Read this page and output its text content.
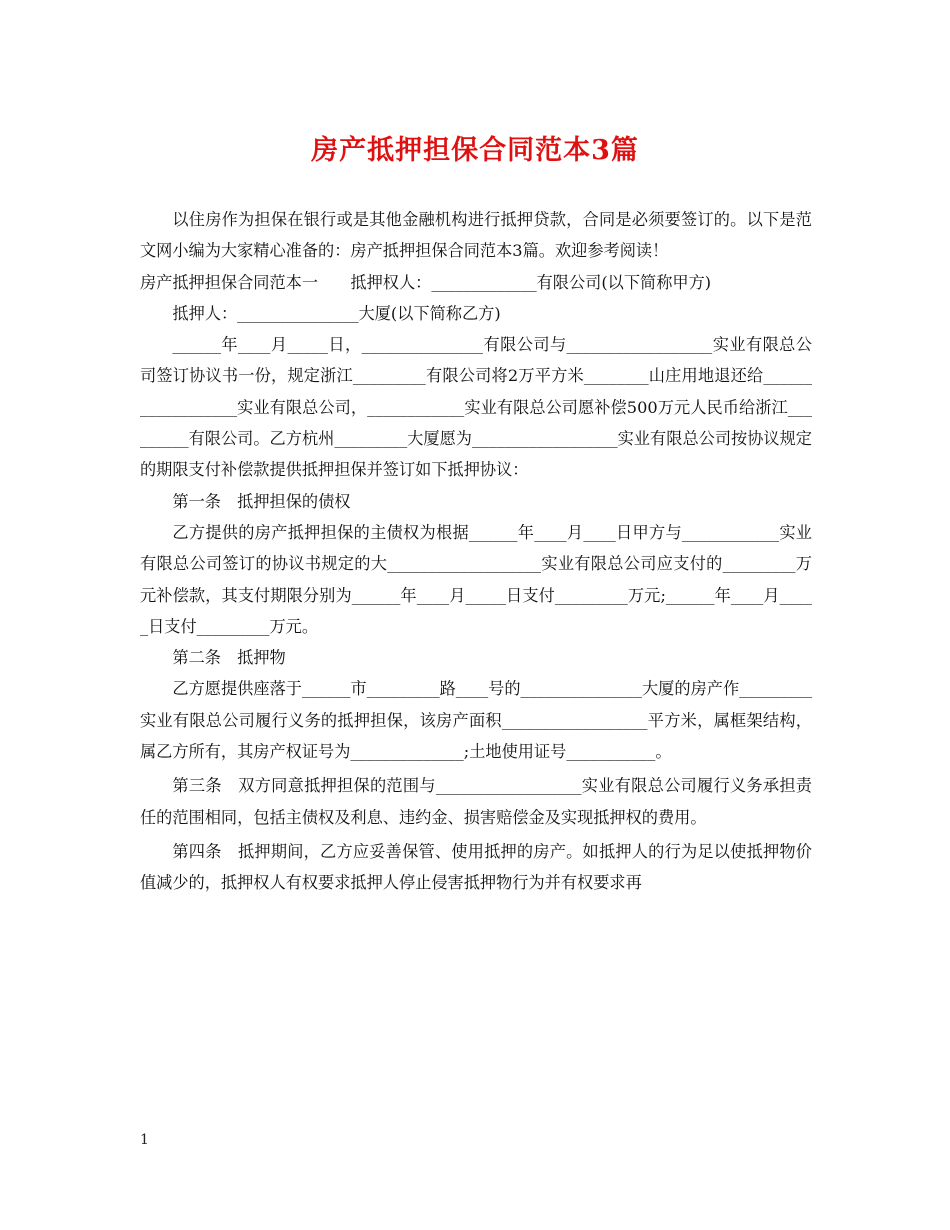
房产抵押担保合同范本3篇

以住房作为担保在银行或是其他金融机构进行抵押贷款，合同是必须要签订的。以下是范文网小编为大家精心准备的：房产抵押担保合同范本3篇。欢迎参考阅读！

房产抵押担保合同范本一　　抵押权人：_____________有限公司(以下简称甲方)

抵押人：_______________大厦(以下简称乙方)

______年____月_____日，_______________有限公司与__________________实业有限总公司签订协议书一份，规定浙江_________有限公司将2万平方米________山庄用地退还给__________________实业有限总公司，____________实业有限总公司愿补偿500万元人民币给浙江_________有限公司。乙方杭州_________大厦愿为__________________实业有限总公司按协议规定的期限支付补偿款提供抵押担保并签订如下抵押协议：

第一条　抵押担保的债权

乙方提供的房产抵押担保的主债权为根据______年____月____日甲方与____________实业有限总公司签订的协议书规定的大___________________实业有限总公司应支付的_________万元补偿款，其支付期限分别为______年____月_____日支付_________万元;______年____月_____日支付_________万元。

第二条　抵押物

乙方愿提供座落于______市_________路____号的_______________大厦的房产作_________实业有限总公司履行义务的抵押担保，该房产面积__________________平方米，属框架结构，属乙方所有，其房产权证号为______________;土地使用证号___________。

第三条　双方同意抵押担保的范围与__________________实业有限总公司履行义务承担责任的范围相同，包括主债权及利息、违约金、损害赔偿金及实现抵押权的费用。

第四条　抵押期间，乙方应妥善保管、使用抵押的房产。如抵押人的行为足以使抵押物价值减少的，抵押权人有权要求抵押人停止侵害抵押物行为并有权要求再

1
